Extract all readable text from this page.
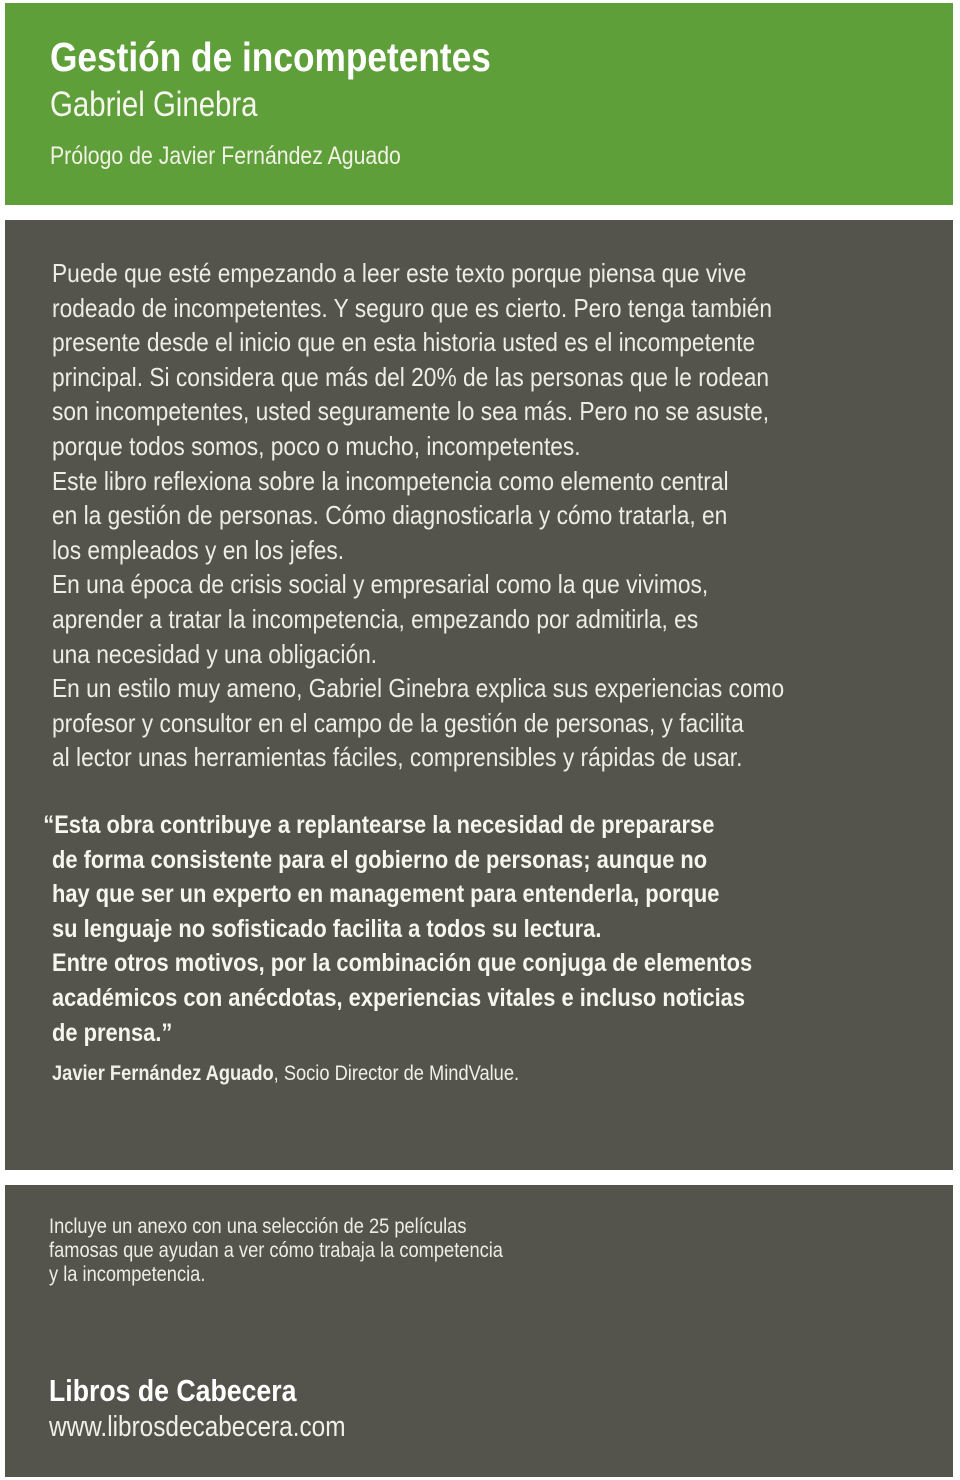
Gestión de incompetentes
Gabriel Ginebra
Prólogo de Javier Fernández Aguado
Puede que esté empezando a leer este texto porque piensa que vive
rodeado de incompetentes. Y seguro que es cierto. Pero tenga también
presente desde el inicio que en esta historia usted es el incompetente
principal. Si considera que más del 20% de las personas que le rodean
son incompetentes, usted seguramente lo sea más. Pero no se asuste,
porque todos somos, poco o mucho, incompetentes.
Este libro reflexiona sobre la incompetencia como elemento central
en la gestión de personas. Cómo diagnosticarla y cómo tratarla, en
los empleados y en los jefes.
En una época de crisis social y empresarial como la que vivimos,
aprender a tratar la incompetencia, empezando por admitirla, es
una necesidad y una obligación.
En un estilo muy ameno, Gabriel Ginebra explica sus experiencias como
profesor y consultor en el campo de la gestión de personas, y facilita
al lector unas herramientas fáciles, comprensibles y rápidas de usar.
“Esta obra contribuye a replantearse la necesidad de prepararse
de forma consistente para el gobierno de personas; aunque no
hay que ser un experto en management para entenderla, porque
su lenguaje no sofisticado facilita a todos su lectura.
Entre otros motivos, por la combinación que conjuga de elementos
académicos con anécdotas, experiencias vitales e incluso noticias
de prensa.”
Javier Fernández Aguado, Socio Director de MindValue.
Incluye un anexo con una selección de 25 películas
famosas que ayudan a ver cómo trabaja la competencia
y la incompetencia.
Libros de Cabecera
www.librosdecabecera.com
